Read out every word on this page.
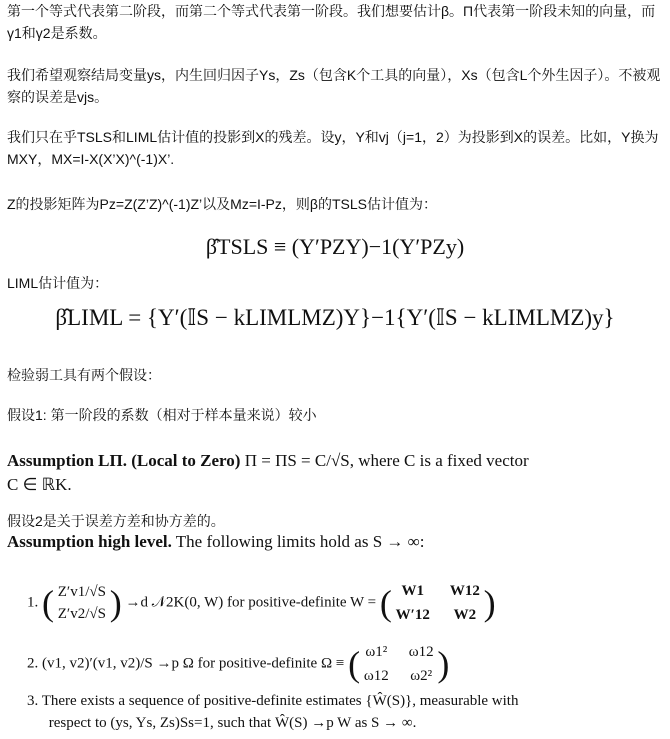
第一个等式代表第二阶段，而第二个等式代表第一阶段。我们想要估计β。Π代表第一阶段未知的向量，而γ1和γ2是系数。
我们希望观察结局变量ys，内生回归因子Ys，Zs（包含K个工具的向量），Xs（包含L个外生因子）。不被观察的误差是vjs。
我们只在乎TSLS和LIML估计值的投影到X的残差。设y，Y和vj（j=1，2）为投影到X的误差。比如，Y换为MXY，MX=I-X(X’X)^(-1)X’.
Z的投影矩阵为Pz=Z(Z’Z)^(-1)Z’以及Mz=I-Pz，则β的TSLS估计值为：
β̂TSLS ≡ (Y′PZY)−1(Y′PZy)
LIML估计值为：
β̂LIML = {Y′(𝕀S − kLIMLMZ)Y}−1{Y′(𝕀S − kLIMLMZ)y}
检验弱工具有两个假设：
假设1: 第一阶段的系数（相对于样本量来说）较小
Assumption LΠ. (Local to Zero) Π = ΠS = C/√S, where C is a fixed vector
C ∈ ℝK.
假设2是关于误差方差和协方差的。
Assumption high level. The following limits hold as S → ∞:
1. ( Z′v1/√S
Z′v2/√S ) →d 𝒩2K(0, W) for positive-definite W = ( W1	W12
W′12 W2 )
2. (v1, v2)′(v1, v2)/S →p Ω for positive-definite Ω ≡ ( ω1² ω12
ω12 ω2² )
3. There exists a sequence of positive-definite estimates {Ŵ(S)}, measurable with
respect to (ys, Ys, Zs)Ss=1, such that Ŵ(S) →p W as S → ∞.
